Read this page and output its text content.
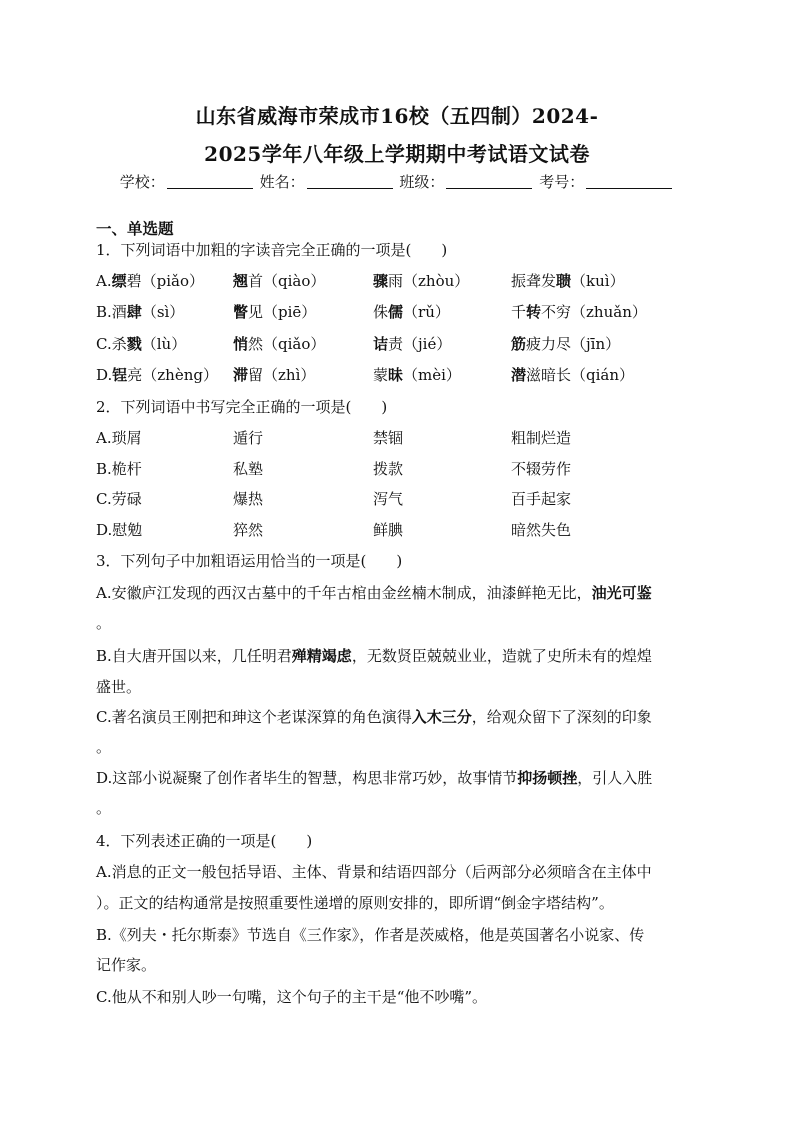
山东省威海市荣成市16校（五四制）2024-
2025学年八年级上学期期中考试语文试卷
学校：	姓名：	班级：	考号：
一、单选题
1．下列词语中加粗的字读音完全正确的一项是(　　)
A.缥碧（piǎo） 翘首（qiào）	骤雨（zhòu）	振聋发聩（kuì）
B.酒肆（sì）	瞥见（piē）	侏儒（rǔ）	千转不穷（zhuǎn）
C.杀戮（lù）	悄然（qiǎo）	诘责（jié）	筋疲力尽（jīn）
D.锃亮（zhèng） 滞留（zhì）	蒙昧（mèi）	潜滋暗长（qián）
2．下列词语中书写完全正确的一项是(　　)
A.琐屑	遁行	禁锢	粗制烂造
B.桅杆	私塾	拨款	不辍劳作
C.劳碌	爆热	泻气	百手起家
D.慰勉	猝然	鲜腆	暗然失色
3．下列句子中加粗语运用恰当的一项是(　　)
A.安徽庐江发现的西汉古墓中的千年古棺由金丝楠木制成，油漆鲜艳无比，油光可鉴
。
B.自大唐开国以来，几任明君殚精竭虑，无数贤臣兢兢业业，造就了史所未有的煌煌
盛世。
C.著名演员王刚把和珅这个老谋深算的角色演得入木三分，给观众留下了深刻的印象
。
D.这部小说凝聚了创作者毕生的智慧，构思非常巧妙，故事情节抑扬顿挫，引人入胜
。
4．下列表述正确的一项是(　　)
A.消息的正文一般包括导语、主体、背景和结语四部分（后两部分必须暗含在主体中
）。正文的结构通常是按照重要性递增的原则安排的，即所谓“倒金字塔结构”。
B.《列夫・托尔斯泰》节选自《三作家》，作者是茨威格，他是英国著名小说家、传
记作家。
C.他从不和别人吵一句嘴，这个句子的主干是“他不吵嘴”。
